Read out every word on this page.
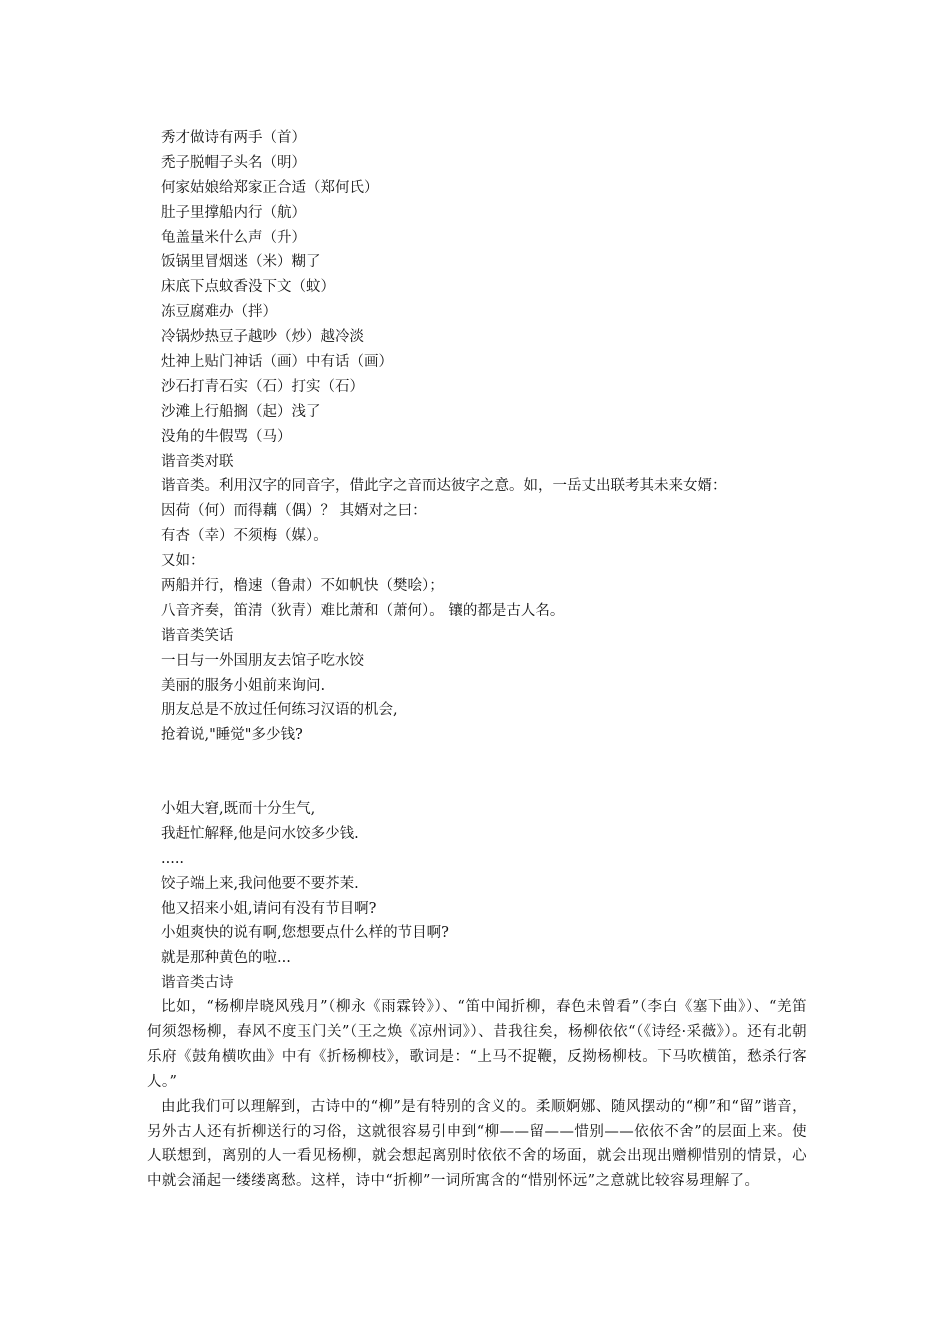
秀才做诗有两手（首）
禿子脱帽子头名（明）
何家姑娘给郑家正合适（郑何氏）
肚子里撑船内行（航）
龟盖量米什么声（升）
饭锅里冒烟迷（米）糊了
床底下点蚊香没下文（蚊）
冻豆腐难办（拌）
冷锅炒热豆子越吵（炒）越冷淡
灶神上贴门神话（画）中有话（画）
沙石打青石实（石）打实（石）
沙滩上行船搁（起）浅了
没角的牛假骂（马）
谐音类对联
谐音类。利用汉字的同音字，借此字之音而达彼字之意。如，一岳丈出联考其未来女婿：
因荷（何）而得藕（偶）？ 其婿对之曰：
有杏（幸）不须梅（媒）。
又如：
两船并行，橹速（鲁肃）不如帆快（樊哙）；
八音齐奏，笛清（狄青）难比萧和（萧何）。 镶的都是古人名。
谐音类笑话
一日与一外国朋友去馆子吃水饺
美丽的服务小姐前来询问.
朋友总是不放过任何练习汉语的机会,
抢着说,"睡觉"多少钱?
小姐大窘,既而十分生气,
我赶忙解释,他是问水饺多少钱.
.....
饺子端上来,我问他要不要芥茉.
他又招来小姐,请问有没有节目啊?
小姐爽快的说有啊,您想要点什么样的节目啊?
就是那种黄色的啦...
谐音类古诗
比如，“杨柳岸晓风残月”（柳永《雨霖铃》）、“笛中闻折柳，春色未曾看”（李白《塞下曲》）、“羌笛何须怨杨柳，春风不度玉门关”（王之焕《凉州词》）、昔我往矣，杨柳依依“（《诗经·采薇》）。还有北朝乐府《鼓角横吹曲》中有《折杨柳枝》，歌词是：“上马不捉鞭，反拗杨柳枝。下马吹横笛，愁杀行客人。”
由此我们可以理解到，古诗中的“柳”是有特别的含义的。柔顺婀娜、随风摆动的“柳”和“留”谐音，另外古人还有折柳送行的习俗，这就很容易引申到“柳——留——惜别——依依不舍”的层面上来。使人联想到，离别的人一看见杨柳，就会想起离别时依依不舍的场面，就会出现出赠柳惜别的情景，心中就会涌起一缕缕离愁。这样，诗中“折柳”一词所寓含的“惜别怀远”之意就比较容易理解了。
